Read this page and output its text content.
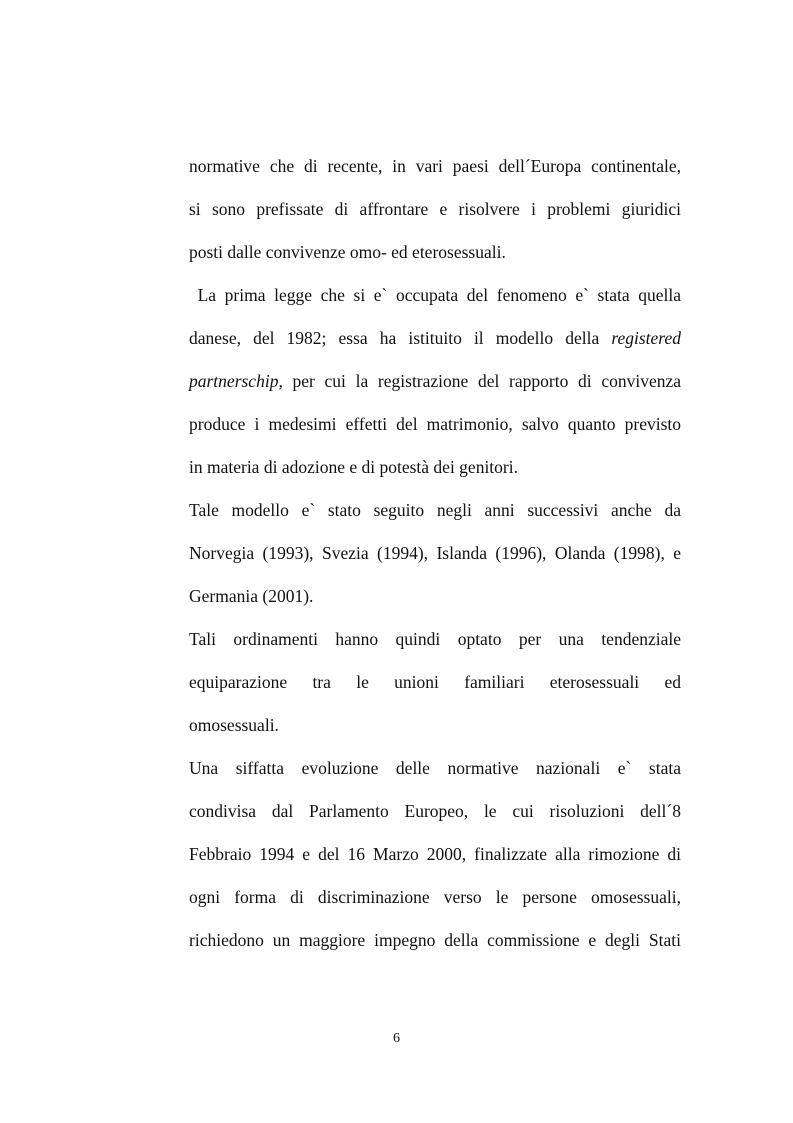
normative che di recente, in vari paesi dell´Europa continentale,
si sono prefissate di affrontare e risolvere i problemi giuridici
posti dalle convivenze omo- ed eterosessuali.
La prima legge che si e` occupata del fenomeno e` stata quella
danese, del 1982; essa ha istituito il modello della registered
partnerschip, per cui la registrazione del rapporto di convivenza
produce i medesimi effetti del matrimonio, salvo quanto previsto
in materia di adozione e di potestà dei genitori.
Tale modello e` stato seguito negli anni successivi anche da
Norvegia (1993), Svezia (1994), Islanda (1996), Olanda (1998), e
Germania (2001).
Tali ordinamenti hanno quindi optato per una tendenziale
equiparazione tra le unioni familiari eterosessuali ed
omosessuali.
Una siffatta evoluzione delle normative nazionali e` stata
condivisa dal Parlamento Europeo, le cui risoluzioni dell´8
Febbraio 1994 e del 16 Marzo 2000, finalizzate alla rimozione di
ogni forma di discriminazione verso le persone omosessuali,
richiedono un maggiore impegno della commissione e degli Stati
6
